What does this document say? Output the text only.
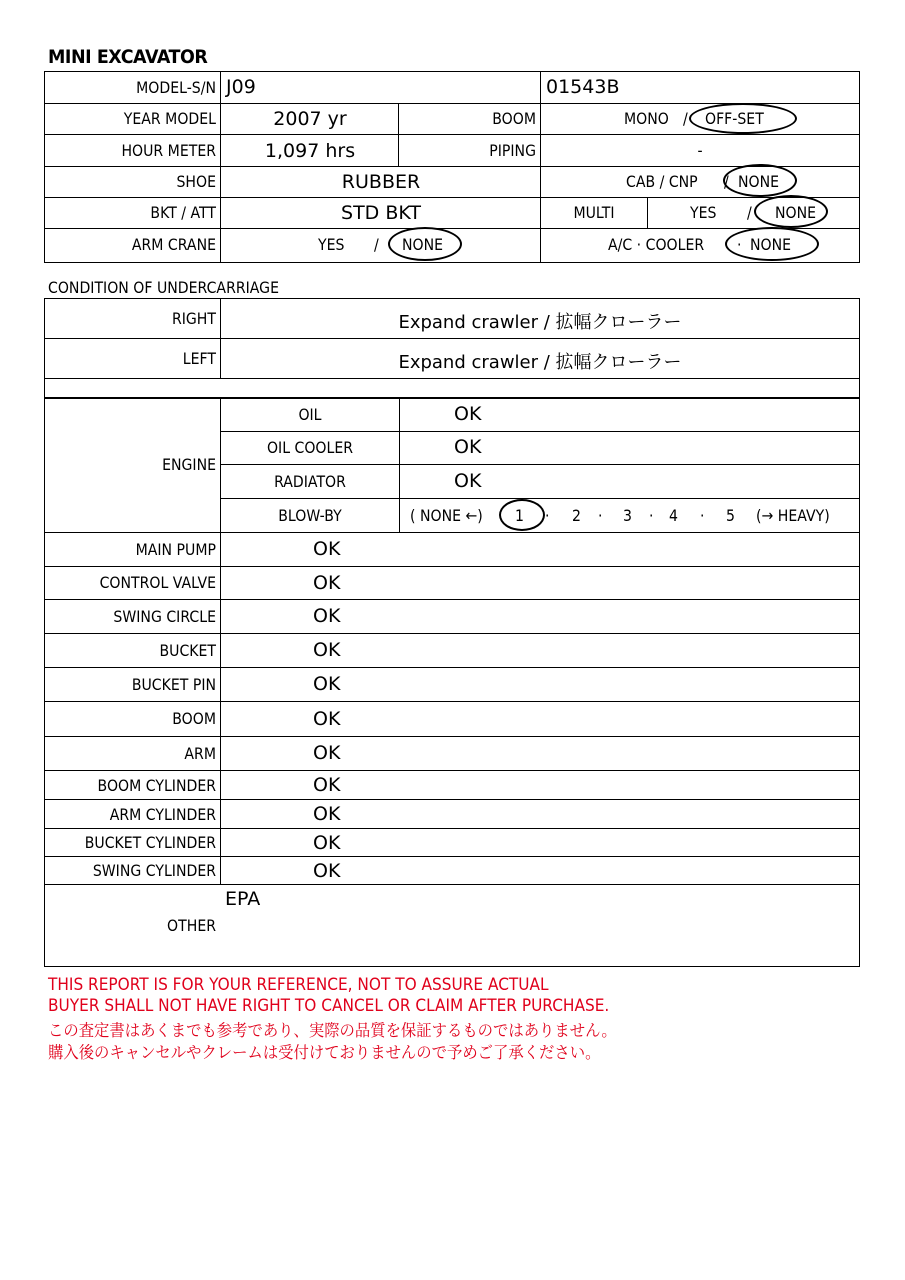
MINI EXCAVATOR
MODEL-S/N J09	01543B
YEAR MODEL	2007 yr	BOOM	MONO / OFF-SET
HOUR METER	1,097 hrs	PIPING	-
SHOE	RUBBER	CAB / CNP / NONE
BKT / ATT	STD BKT	MULTI	YES / NONE
ARM CRANE	YES / NONE	A/C · COOLER · NONE
CONDITION OF UNDERCARRIAGE
RIGHT	Expand crawler / 拡幅クローラー
LEFT	Expand crawler / 拡幅クローラー
ENGINE
OIL	OK
OIL COOLER	OK
RADIATOR	OK
BLOW-BY	( NONE ←) 1 · 2 · 3 · 4 · 5 (→ HEAVY)
MAIN PUMP	OK
CONTROL VALVE	OK
SWING CIRCLE	OK
BUCKET	OK
BUCKET PIN	OK
BOOM	OK
ARM	OK
BOOM CYLINDER	OK
ARM CYLINDER	OK
BUCKET CYLINDER	OK
SWING CYLINDER	OK
OTHER
EPA
THIS REPORT IS FOR YOUR REFERENCE, NOT TO ASSURE ACTUAL
BUYER SHALL NOT HAVE RIGHT TO CANCEL OR CLAIM AFTER PURCHASE.
この査定書はあくまでも参考であり、実際の品質を保証するものではありません。
購入後のキャンセルやクレームは受付けておりませんので予めご了承ください。
